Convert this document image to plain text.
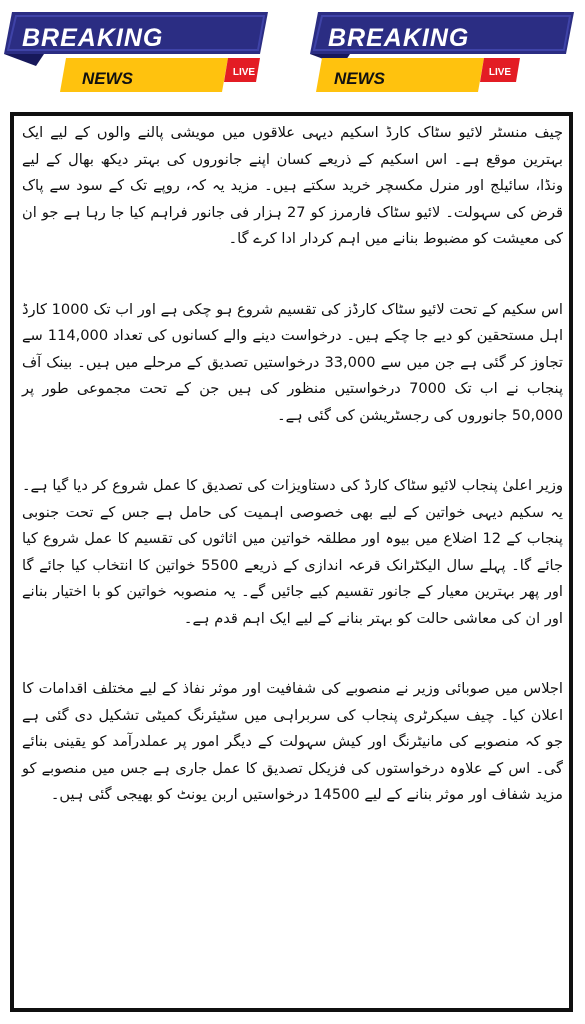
BREAKING
NEWS	LIVE
BREAKING
NEWS	LIVE

چیف منسٹر لائیو سٹاک کارڈ اسکیم دیہی علاقوں میں مویشی پالنے والوں کے لیے ایک بہترین موقع ہے۔ اس اسکیم کے ذریعے کسان اپنے جانوروں کی بہتر دیکھ بھال کے لیے ونڈا، سائیلج اور منرل مکسچر خرید سکتے ہیں۔ مزید یہ کہ، روپے تک کے سود سے پاک قرض کی سہولت۔ لائیو سٹاک فارمرز کو 27 ہزار فی جانور فراہم کیا جا رہا ہے جو ان کی معیشت کو مضبوط بنانے میں اہم کردار ادا کرے گا۔

اس سکیم کے تحت لائیو سٹاک کارڈز کی تقسیم شروع ہو چکی ہے اور اب تک 1000 کارڈ اہل مستحقین کو دیے جا چکے ہیں۔ درخواست دینے والے کسانوں کی تعداد 114,000 سے تجاوز کر گئی ہے جن میں سے 33,000 درخواستیں تصدیق کے مرحلے میں ہیں۔ بینک آف پنجاب نے اب تک 7000 درخواستیں منظور کی ہیں جن کے تحت مجموعی طور پر 50,000 جانوروں کی رجسٹریشن کی گئی ہے۔

وزیر اعلیٰ پنجاب لائیو سٹاک کارڈ کی دستاویزات کی تصدیق کا عمل شروع کر دیا گیا ہے۔ یہ سکیم دیہی خواتین کے لیے بھی خصوصی اہمیت کی حامل ہے جس کے تحت جنوبی پنجاب کے 12 اضلاع میں بیوہ اور مطلقہ خواتین میں اثاثوں کی تقسیم کا عمل شروع کیا جائے گا۔ پہلے سال الیکٹرانک قرعہ اندازی کے ذریعے 5500 خواتین کا انتخاب کیا جائے گا اور پھر بہترین معیار کے جانور تقسیم کیے جائیں گے۔ یہ منصوبہ خواتین کو با اختیار بنانے اور ان کی معاشی حالت کو بہتر بنانے کے لیے ایک اہم قدم ہے۔

اجلاس میں صوبائی وزیر نے منصوبے کی شفافیت اور موثر نفاذ کے لیے مختلف اقدامات کا اعلان کیا۔ چیف سیکرٹری پنجاب کی سربراہی میں سٹیئرنگ کمیٹی تشکیل دی گئی ہے جو کہ منصوبے کی مانیٹرنگ اور کیش سہولت کے دیگر امور پر عملدرآمد کو یقینی بنائے گی۔ اس کے علاوہ درخواستوں کی فزیکل تصدیق کا عمل جاری ہے جس میں منصوبے کو مزید شفاف اور موثر بنانے کے لیے 14500 درخواستیں اربن یونٹ کو بھیجی گئی ہیں۔
